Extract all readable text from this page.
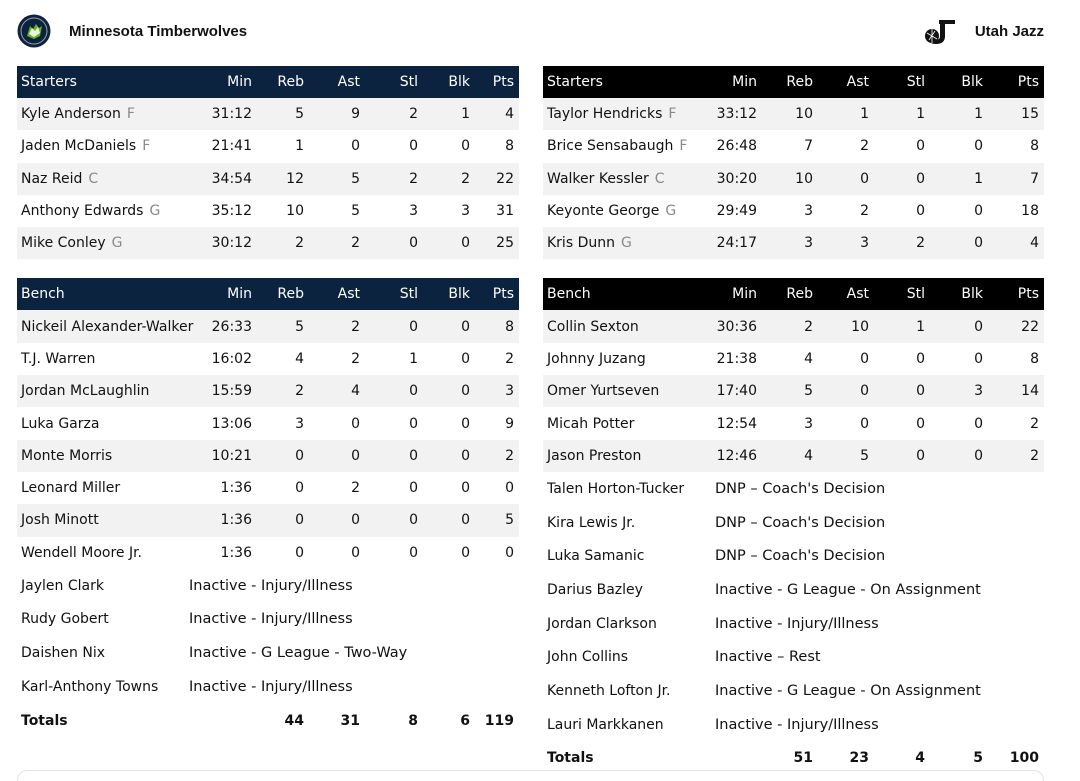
Minnesota Timberwolves
Starters	Min	Reb	Ast	Stl	Blk	Pts
Kyle Anderson F	31:12	5	9	2	1	4
Jaden McDaniels F	21:41	1	0	0	0	8
Naz Reid C	34:54	12	5	2	2	22
Anthony Edwards G	35:12	10	5	3	3	31
Mike Conley G	30:12	2	2	0	0	25
Bench	Min	Reb	Ast	Stl	Blk	Pts
Nickeil Alexander-Walker	26:33	5	2	0	0	8
T.J. Warren	16:02	4	2	1	0	2
Jordan McLaughlin	15:59	2	4	0	0	3
Luka Garza	13:06	3	0	0	0	9
Monte Morris	10:21	0	0	0	0	2
Leonard Miller	1:36	0	2	0	0	0
Josh Minott	1:36	0	0	0	0	5
Wendell Moore Jr.	1:36	0	0	0	0	0
Jaylen Clark	Inactive - Injury/Illness					
Rudy Gobert	Inactive - Injury/Illness					
Daishen Nix	Inactive - G League - Two-Way					
Karl-Anthony Towns	Inactive - Injury/Illness					
Totals		44	31	8	6	119
Utah Jazz
Starters	Min	Reb	Ast	Stl	Blk	Pts
Taylor Hendricks F	33:12	10	1	1	1	15
Brice Sensabaugh F	26:48	7	2	0	0	8
Walker Kessler C	30:20	10	0	0	1	7
Keyonte George G	29:49	3	2	0	0	18
Kris Dunn G	24:17	3	3	2	0	4
Bench	Min	Reb	Ast	Stl	Blk	Pts
Collin Sexton	30:36	2	10	1	0	22
Johnny Juzang	21:38	4	0	0	0	8
Omer Yurtseven	17:40	5	0	0	3	14
Micah Potter	12:54	3	0	0	0	2
Jason Preston	12:46	4	5	0	0	2
Talen Horton-Tucker	DNP – Coach's Decision					
Kira Lewis Jr.	DNP – Coach's Decision					
Luka Samanic	DNP – Coach's Decision					
Darius Bazley	Inactive - G League - On Assignment					
Jordan Clarkson	Inactive - Injury/Illness					
John Collins	Inactive – Rest					
Kenneth Lofton Jr.	Inactive - G League - On Assignment					
Lauri Markkanen	Inactive - Injury/Illness					
Totals		51	23	4	5	100
